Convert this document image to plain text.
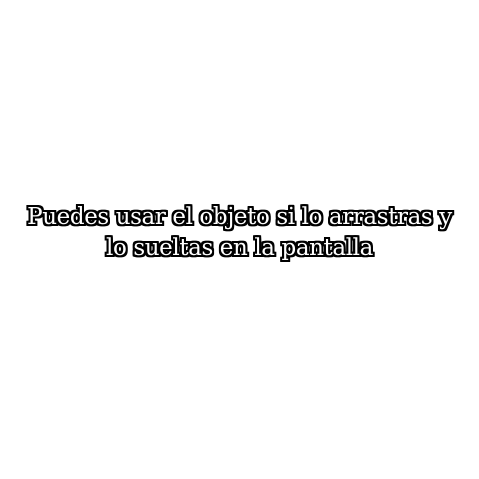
Puedes usar el objeto si lo arrastras y
lo sueltas en la pantalla
